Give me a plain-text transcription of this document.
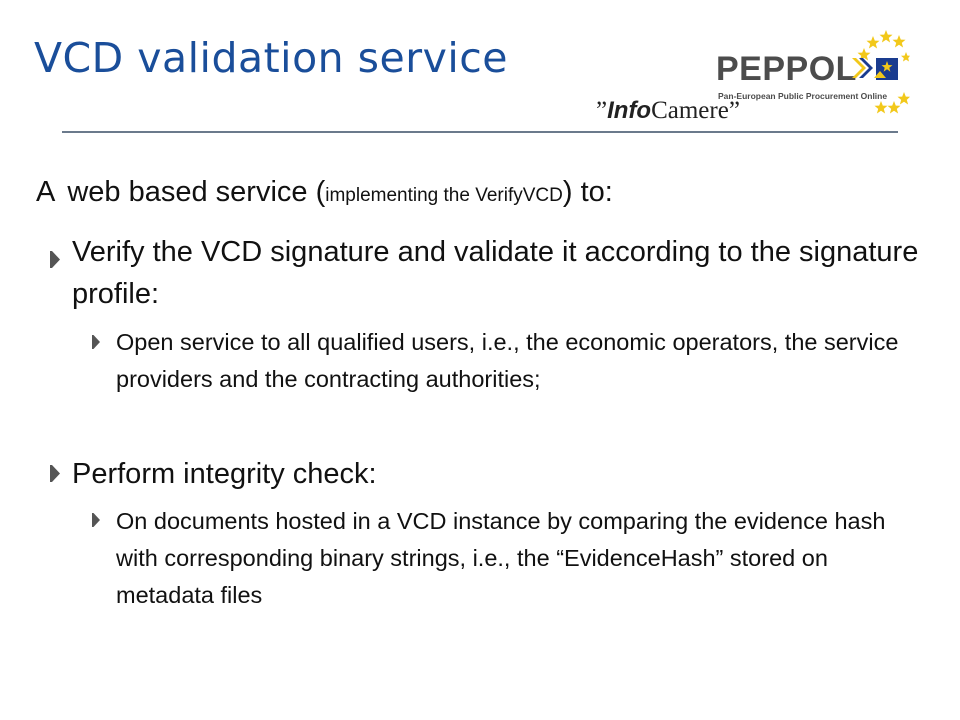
VCD validation service	PEPPOL
Pan-European Public Procurement Online
”InfoCamere”

A web based service (implementing the VerifyVCD) to:

Verify the VCD signature and validate it according to the signature profile:

Open service to all qualified users, i.e., the economic operators, the service providers and the contracting authorities;

Perform integrity check:

On documents hosted in a VCD instance by comparing the evidence hash with corresponding binary strings, i.e., the “EvidenceHash” stored on metadata files
